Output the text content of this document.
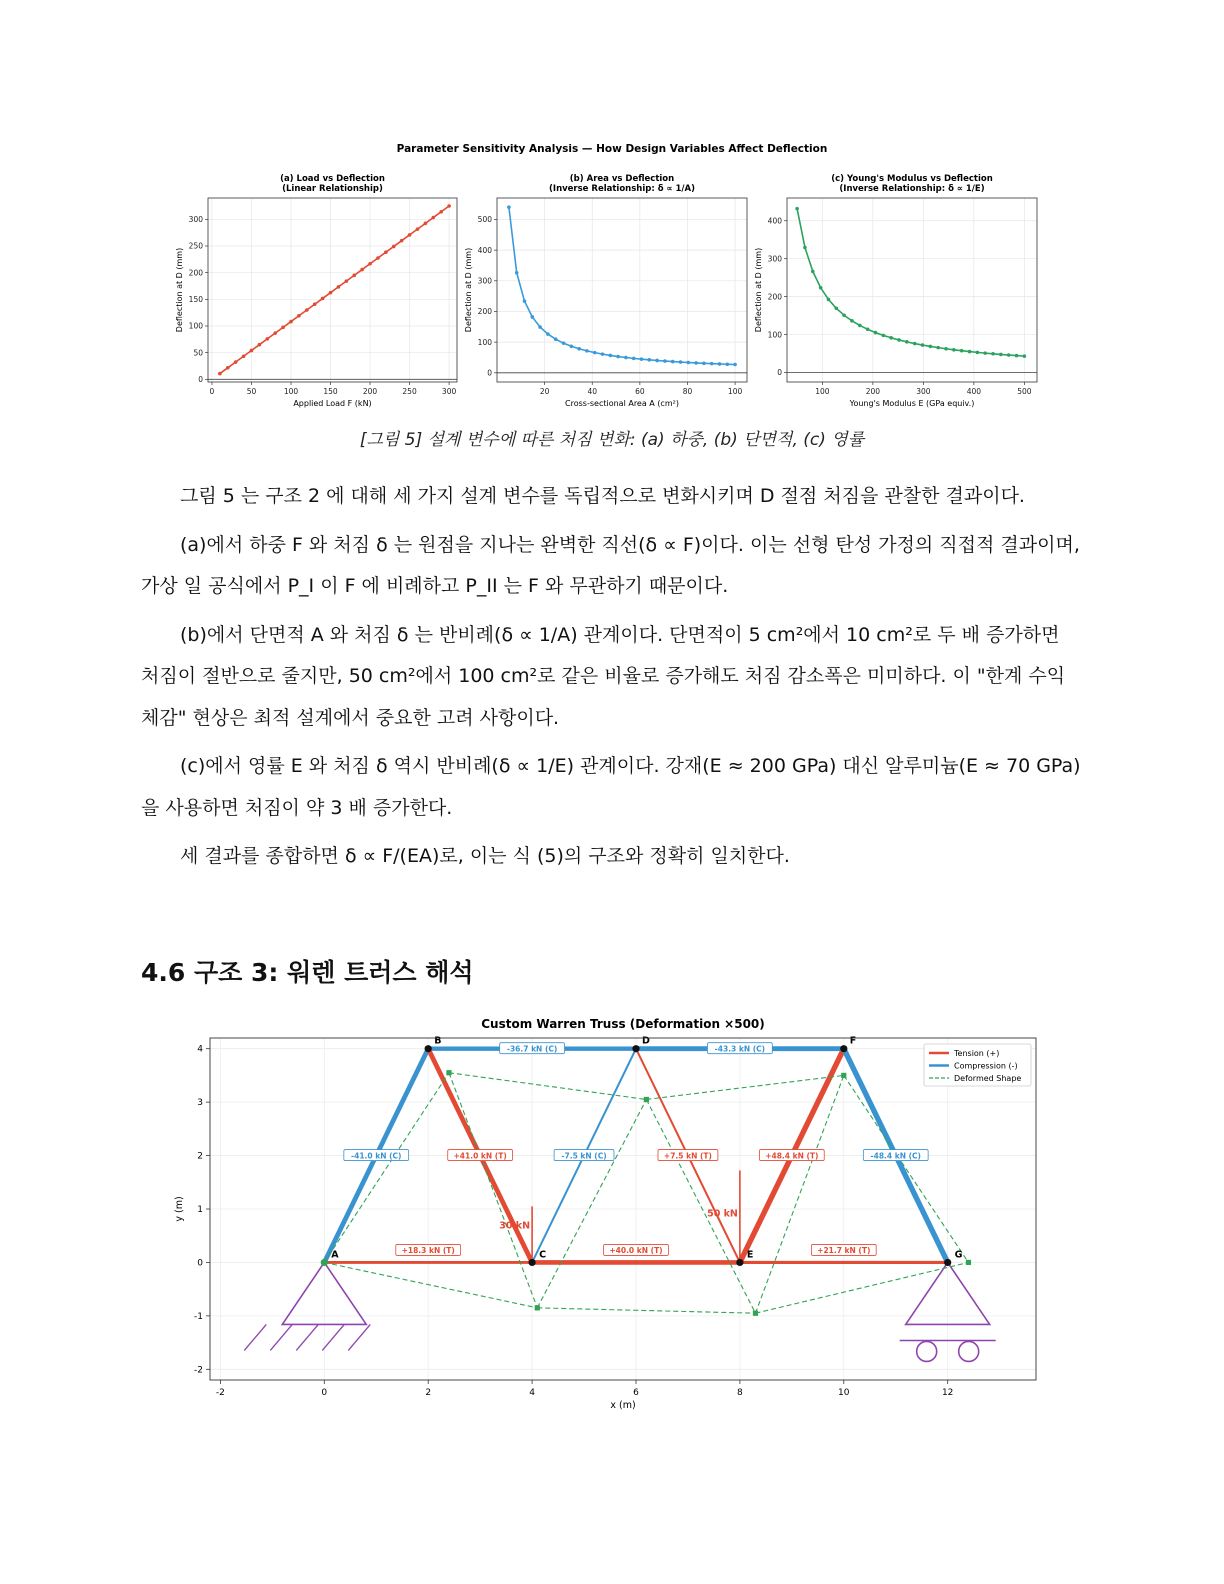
Parameter Sensitivity Analysis — How Design Variables Affect Deflection
(a) Load vs Deflection
(Linear Relationship)
0	50	100	150	200	250	300
0
50
100
150
200
250
300
Applied Load F (kN)
Deflection at D (mm)
(b) Area vs Deflection
(Inverse Relationship: δ ∝ 1/A)
20	40	60	80	100
0
100
200
300
400
500
Cross-sectional Area A (cm²)
Deflection at D (mm)
(c) Young's Modulus vs Deflection
(Inverse Relationship: δ ∝ 1/E)
100	200	300	400	500
0
100
200
300
400
Young's Modulus E (GPa equiv.)
Deflection at D (mm)
[그림 5] 설계 변수에 따른 처짐 변화: (a) 하중, (b) 단면적, (c) 영률

그림 5 는 구조 2 에 대해 세 가지 설계 변수를 독립적으로 변화시키며 D 절점 처짐을 관찰한 결과이다.

(a)에서 하중 F 와 처짐 δ 는 원점을 지나는 완벽한 직선(δ ∝ F)이다. 이는 선형 탄성 가정의 직접적 결과이며, 가상 일 공식에서 P_I 이 F 에 비례하고 P_II 는 F 와 무관하기 때문이다.

(b)에서 단면적 A 와 처짐 δ 는 반비례(δ ∝ 1/A) 관계이다. 단면적이 5 cm²에서 10 cm²로 두 배 증가하면 처짐이 절반으로 줄지만, 50 cm²에서 100 cm²로 같은 비율로 증가해도 처짐 감소폭은 미미하다. 이 "한계 수익 체감" 현상은 최적 설계에서 중요한 고려 사항이다.

(c)에서 영률 E 와 처짐 δ 역시 반비례(δ ∝ 1/E) 관계이다. 강재(E ≈ 200 GPa) 대신 알루미늄(E ≈ 70 GPa)을 사용하면 처짐이 약 3 배 증가한다.

세 결과를 종합하면 δ ∝ F/(EA)로, 이는 식 (5)의 구조와 정확히 일치한다.

4.6 구조 3: 워렌 트러스 해석
Custom Warren Truss (Deformation ×500)
-2	0	2	4	6	8	10	12
-2
-1
0
1
2
3
4
x (m)
y (m)
30 kN
50 kN
-41.0 kN (C)	+41.0 kN (T)	-7.5 kN (C)	+7.5 kN (T)	+48.4 kN (T)	-48.4 kN (C)
-36.7 kN (C)	-43.3 kN (C)
+18.3 kN (T)	+40.0 kN (T)	+21.7 kN (T)
A
B
C
D
E
F
G
Tension (+)
Compression (-)
Deformed Shape
